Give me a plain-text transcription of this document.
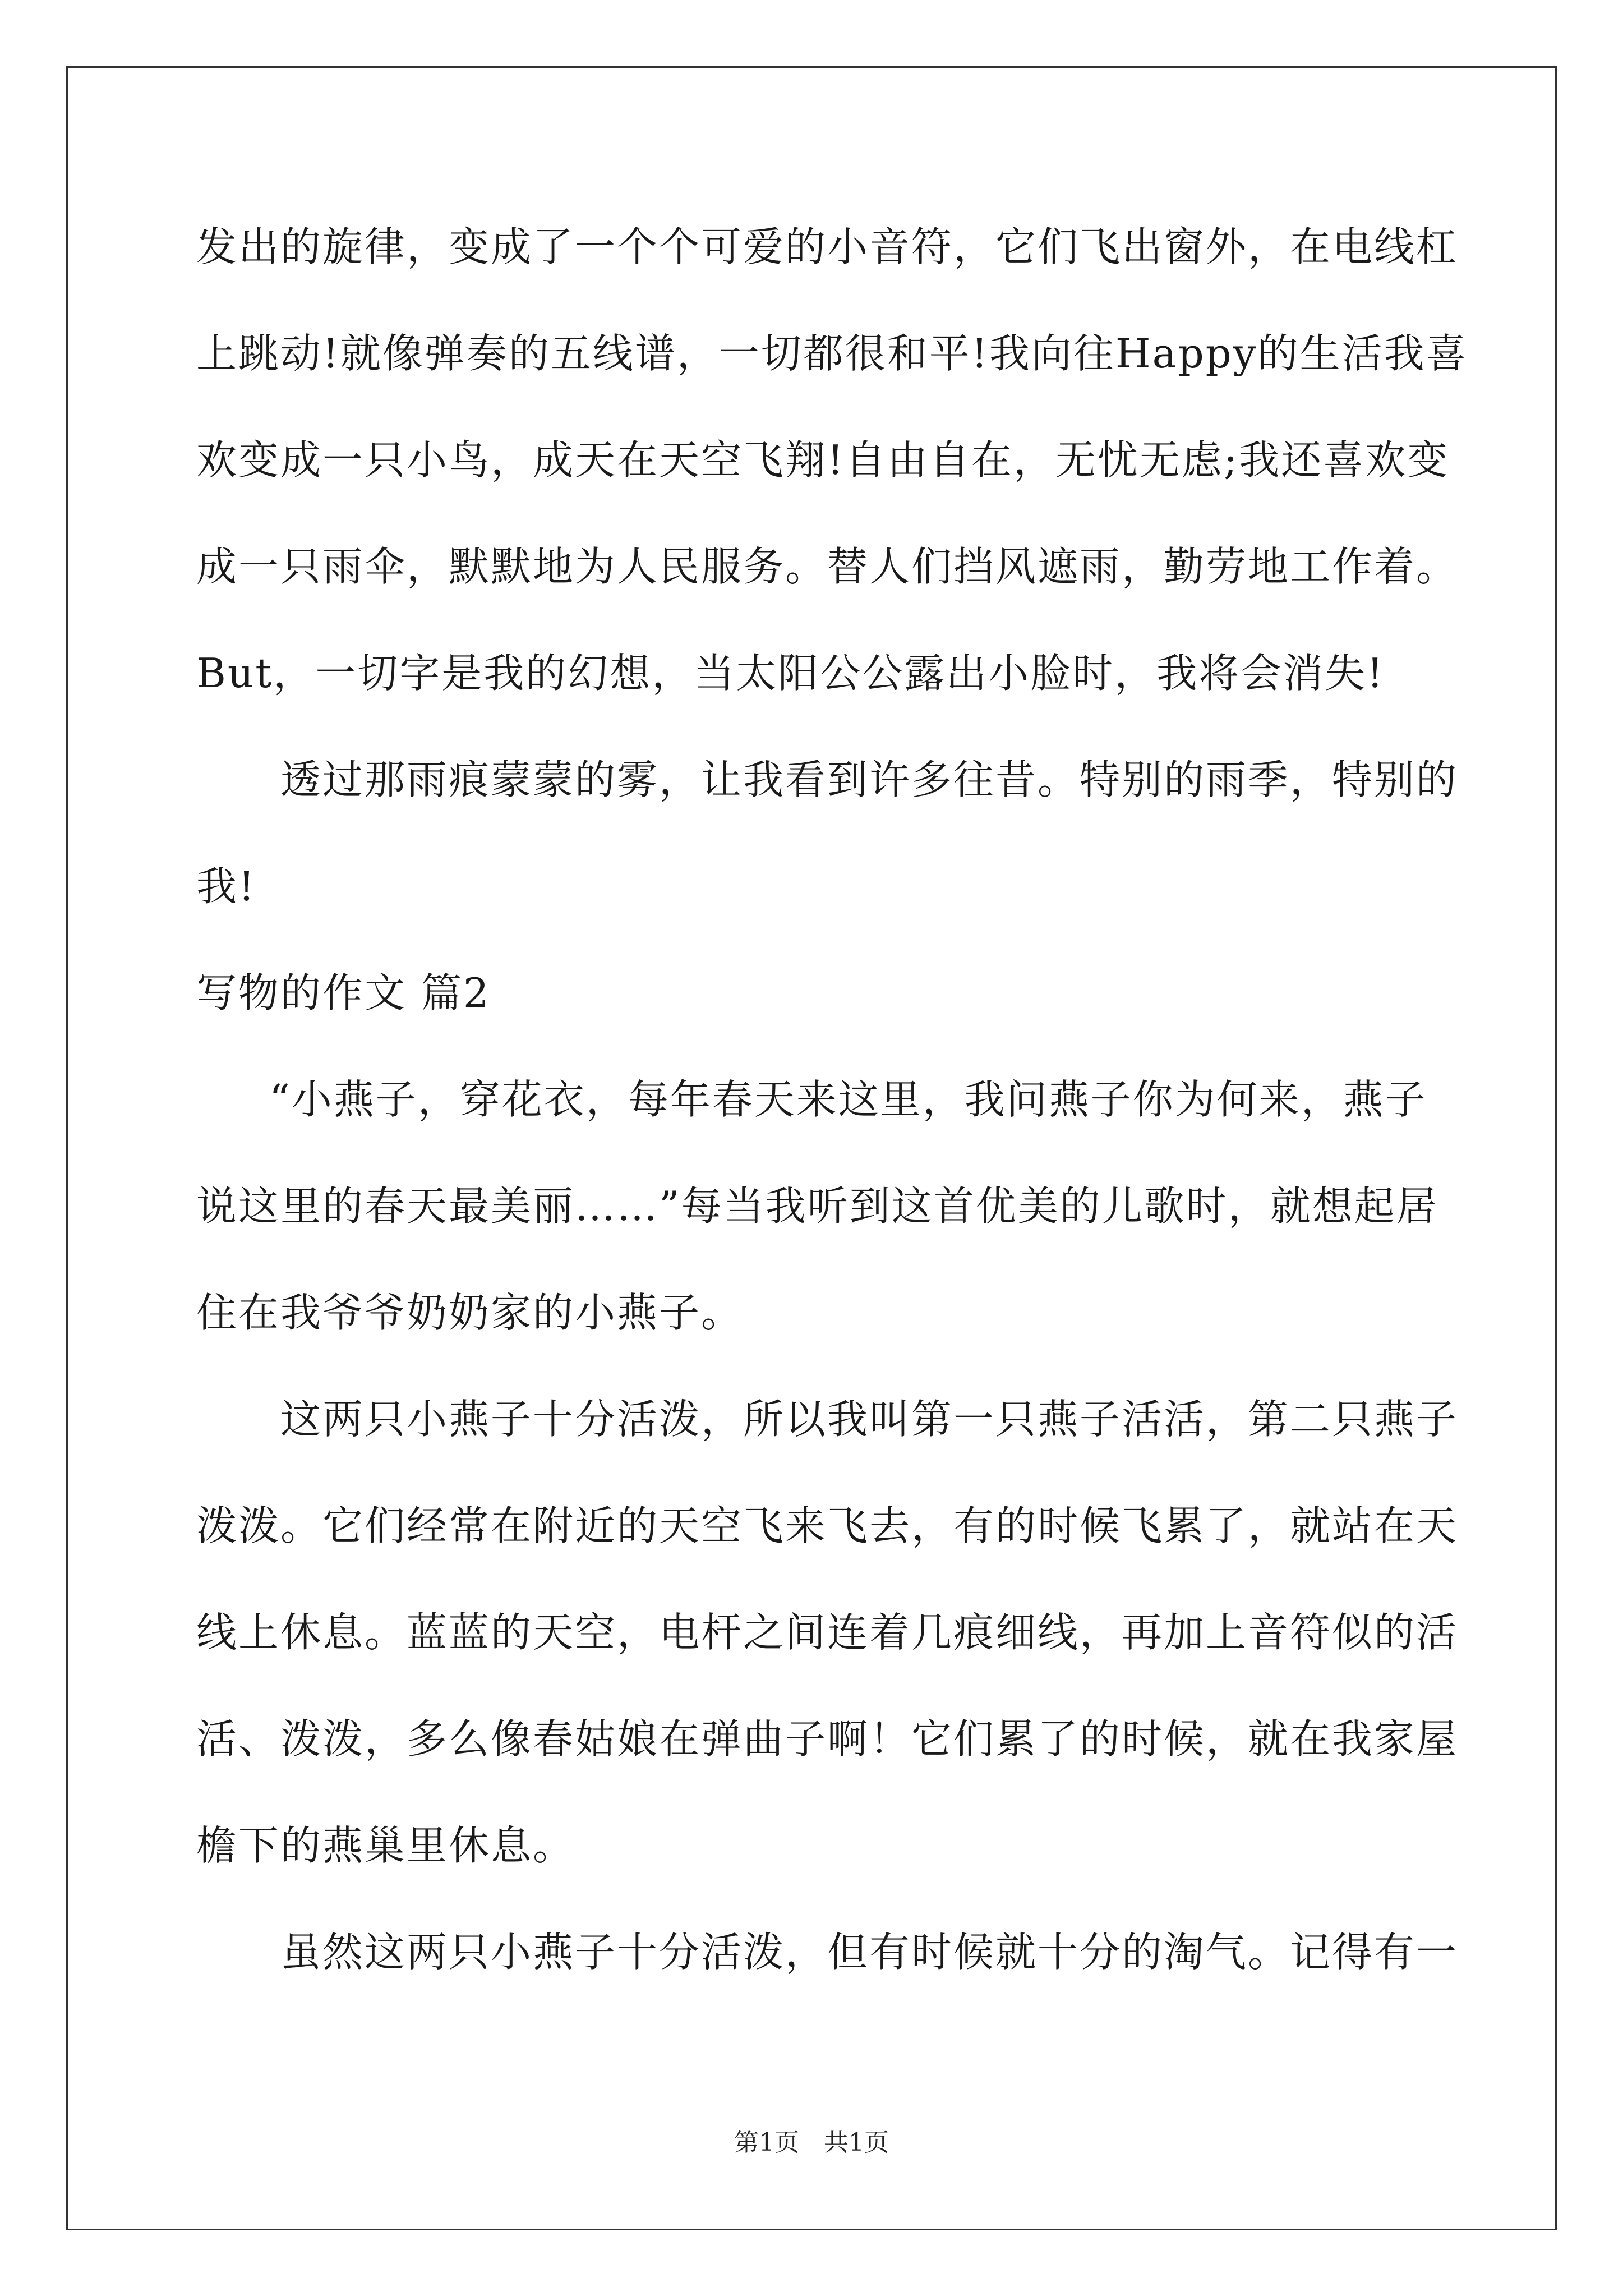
发出的旋律，变成了一个个可爱的小音符，它们飞出窗外，在电线杠
上跳动!就像弹奏的五线谱，一切都很和平!我向往Happy的生活我喜
欢变成一只小鸟，成天在天空飞翔!自由自在，无忧无虑;我还喜欢变
成一只雨伞，默默地为人民服务。替人们挡风遮雨，勤劳地工作着。
But，一切字是我的幻想，当太阳公公露出小脸时，我将会消失!
透过那雨痕蒙蒙的雾，让我看到许多往昔。特别的雨季，特别的
我!
写物的作文 篇2
“小燕子，穿花衣，每年春天来这里，我问燕子你为何来，燕子
说这里的春天最美丽……”每当我听到这首优美的儿歌时，就想起居
住在我爷爷奶奶家的小燕子。
这两只小燕子十分活泼，所以我叫第一只燕子活活，第二只燕子
泼泼。它们经常在附近的天空飞来飞去，有的时候飞累了，就站在天
线上休息。蓝蓝的天空，电杆之间连着几痕细线，再加上音符似的活
活、泼泼，多么像春姑娘在弹曲子啊！它们累了的时候，就在我家屋
檐下的燕巢里休息。
虽然这两只小燕子十分活泼，但有时候就十分的淘气。记得有一
第1页　共1页
